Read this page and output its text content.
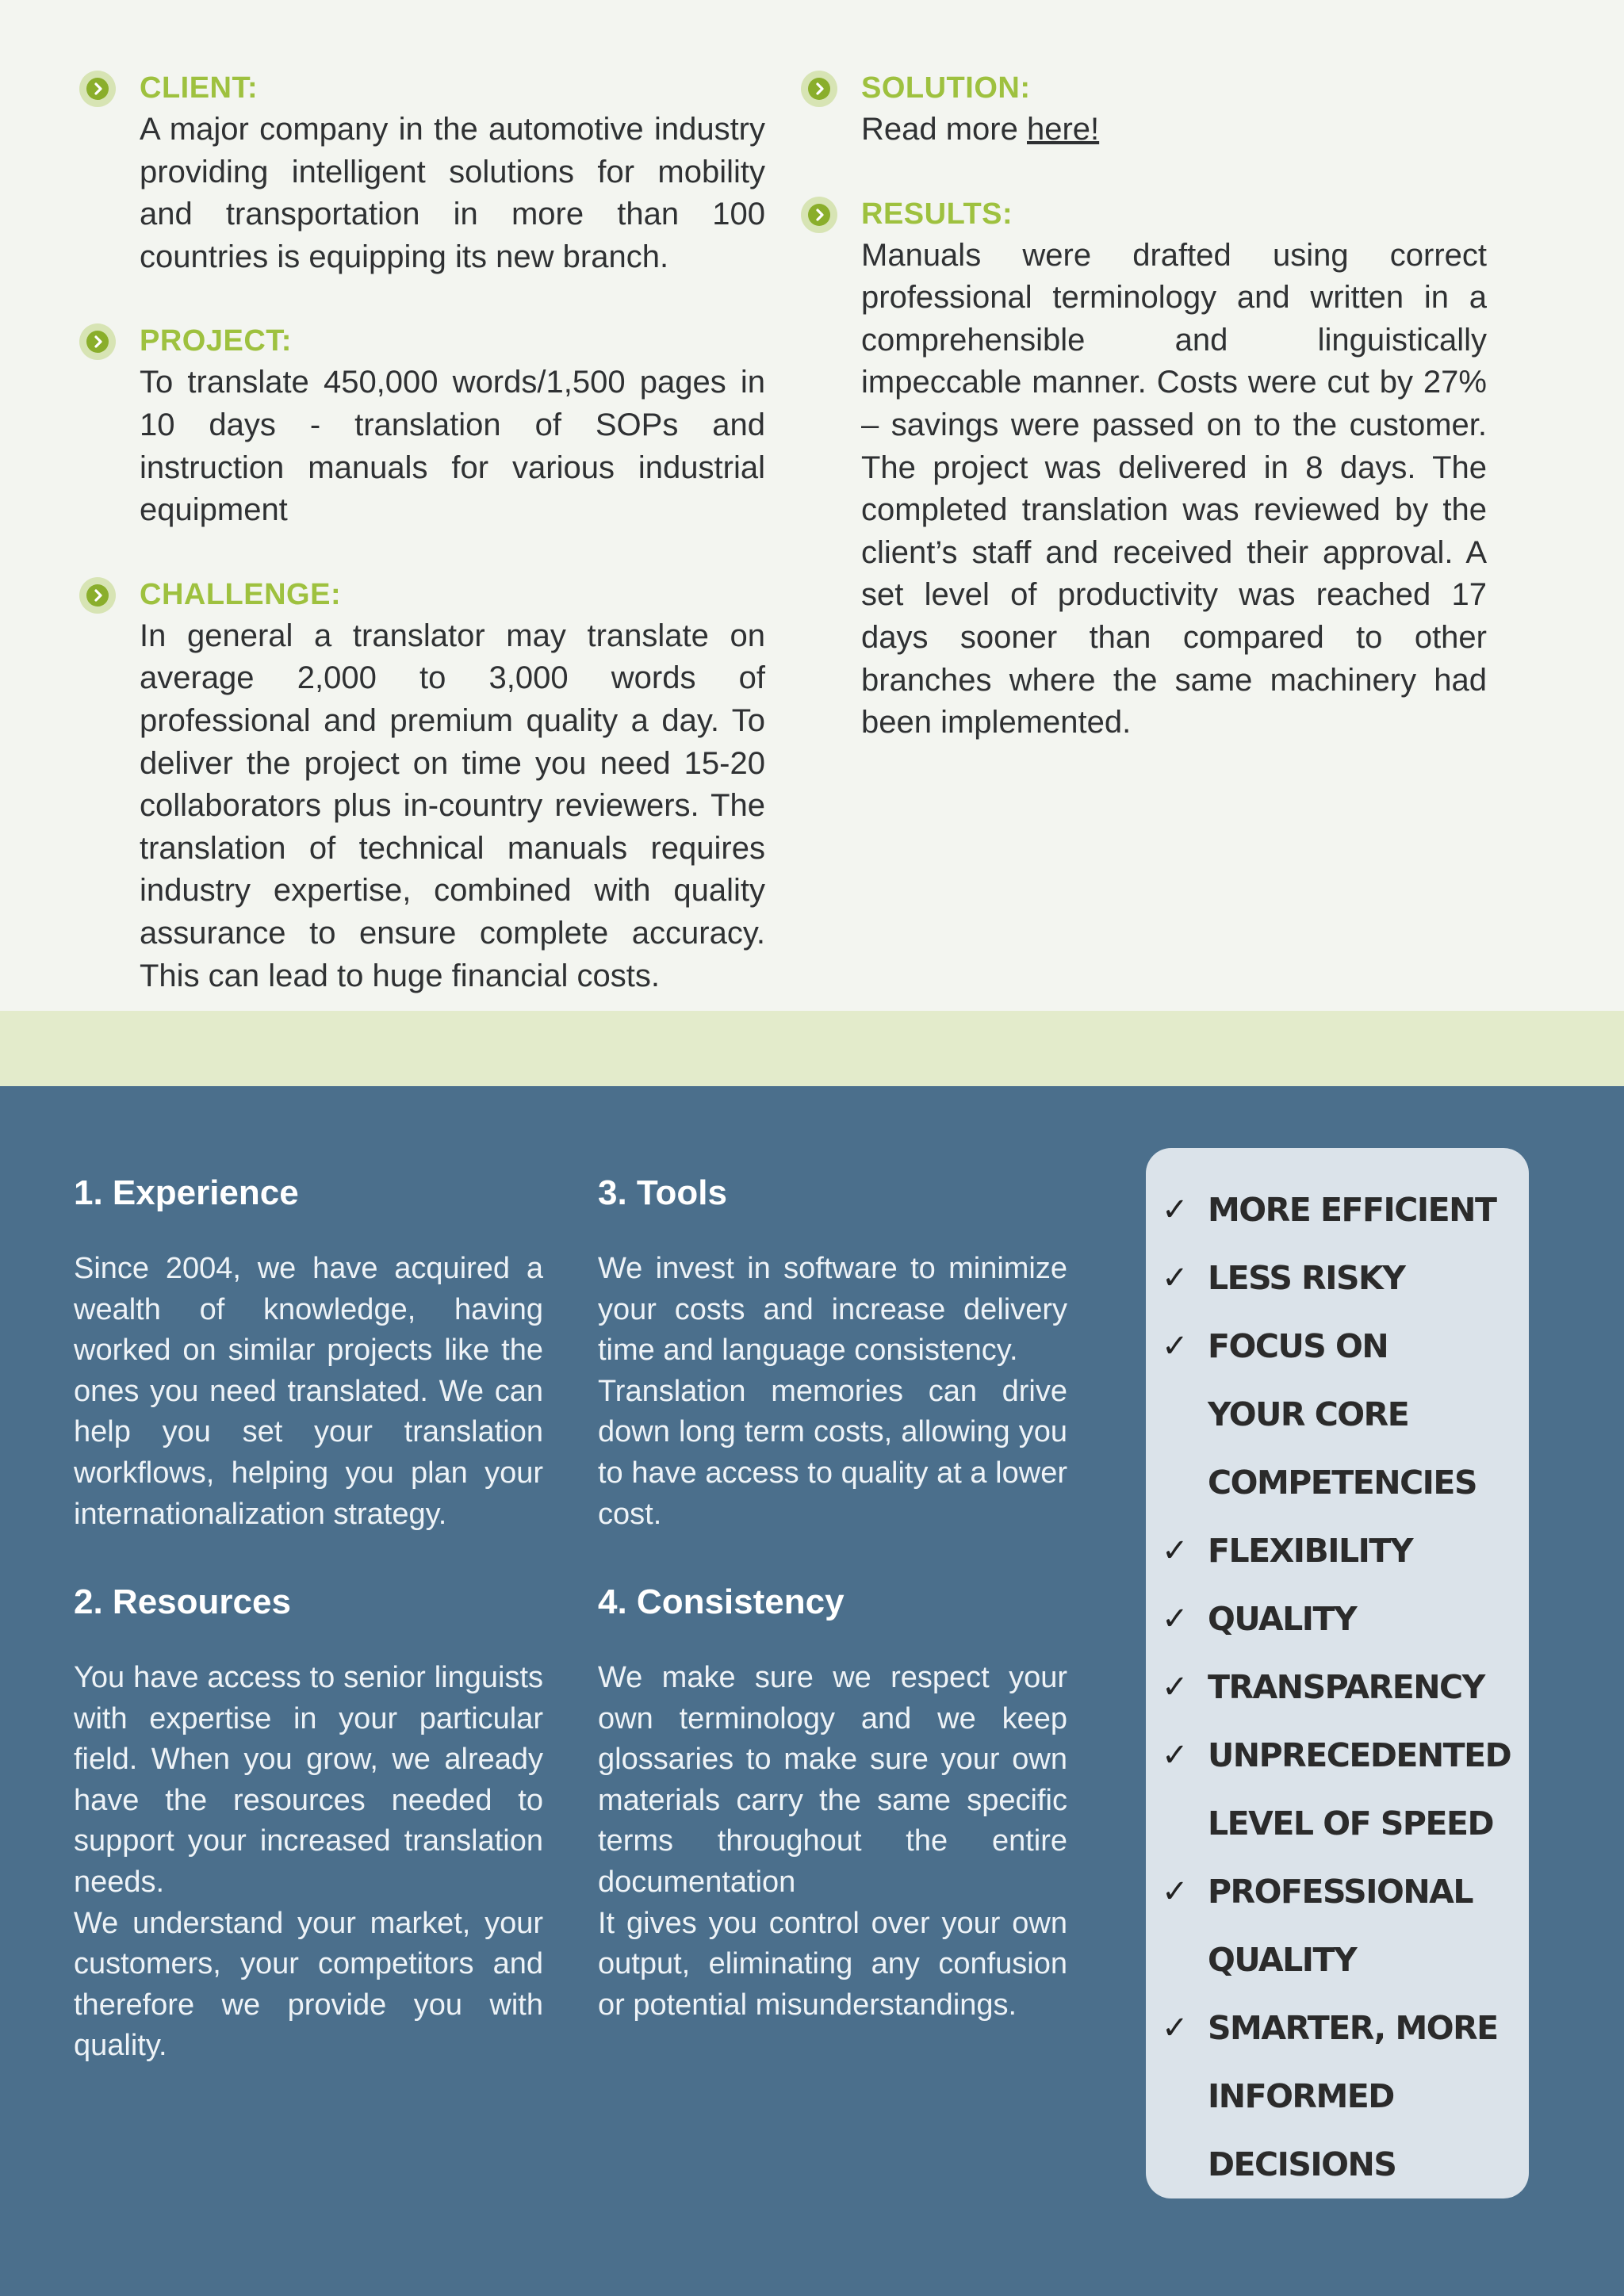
CLIENT:
A major company in the automotive industry providing intelligent solutions for mobility and transportation in more than 100 countries is equipping its new branch.
PROJECT:
To translate 450,000 words/1,500 pages in 10 days - translation of SOPs and instruction manuals for various industrial equipment
CHALLENGE:
In general a translator may translate on average 2,000 to 3,000 words of professional and premium quality a day. To deliver the project on time you need 15-20 collaborators plus in-country reviewers. The translation of technical manuals requires industry expertise, combined with quality assurance to ensure complete accuracy. This can lead to huge financial costs.
SOLUTION:
Read more here!
RESULTS:
Manuals were drafted using correct professional terminology and written in a comprehensible and linguistically impeccable manner. Costs were cut by 27% – savings were passed on to the customer. The project was delivered in 8 days. The completed translation was reviewed by the client’s staff and received their approval. A set level of productivity was reached 17 days sooner than compared to other branches where the same machinery had been implemented.
1. Experience

Since 2004, we have acquired a wealth of knowledge, having worked on similar projects like the ones you need translated. We can help you set your translation workflows, helping you plan your internationalization strategy.

2. Resources

You have access to senior linguists with expertise in your particular field. When you grow, we already have the resources needed to support your increased translation needs.

We understand your market, your customers, your competitors and therefore we provide you with quality.

3. Tools

We invest in software to minimize your costs and increase delivery time and language consistency.

Translation memories can drive down long term costs, allowing you to have access to quality at a lower cost.

4. Consistency

We make sure we respect your own terminology and we keep glossaries to make sure your own materials carry the same specific terms throughout the entire documentation

It gives you control over your own output, eliminating any confusion or potential misunderstandings.

✓ MORE EFFICIENT
✓ LESS RISKY
✓ FOCUS ON
YOUR CORE
COMPETENCIES
✓ FLEXIBILITY
✓ QUALITY
✓ TRANSPARENCY
✓ UNPRECEDENTED
LEVEL OF SPEED
✓ PROFESSIONAL
QUALITY
✓ SMARTER, MORE
INFORMED
DECISIONS
